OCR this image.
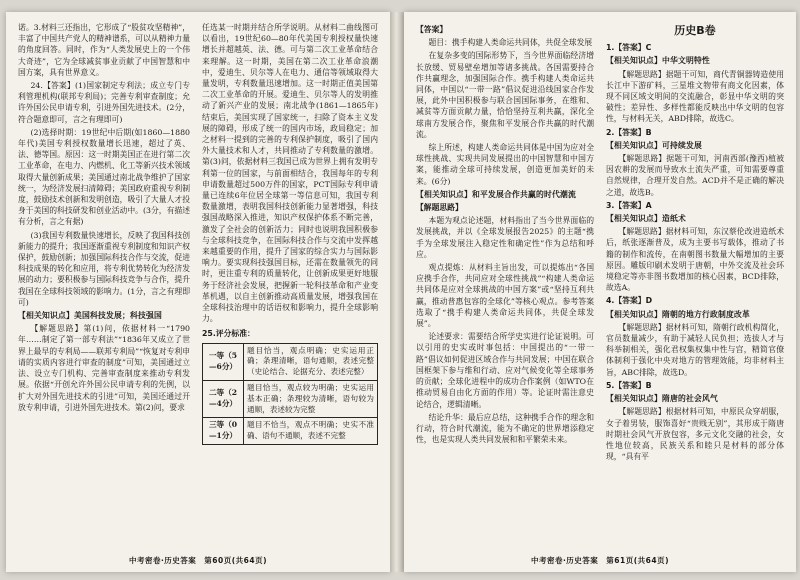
诺。3.材料三还指出，它形成了“股贫攻坚精神”，丰富了中国共产党人的精神谱系，可以从精神力量的角度回答。同时，作为“人类发展史上的一个伟大奇迹”，它为全球减贫事业贡献了中国智慧和中国方案，具有世界意义。

24.【答案】(1)国家制定专利法；成立专门专利管理机构(联邦专利局)；完善专利审查制度；允许外国公民申请专利，引进外国先进技术。(2分，符合题意即可，言之有理即可)

(2)选择时期：19世纪中后期(如1860—1880年代)美国专利授权数量增长迅速，超过了英、法、德等国。原因：这一时期美国正在进行第二次工业革命，在电力、内燃机、化工等新兴技术领域取得大量创新成果；美国通过南北战争维护了国家统一，为经济发展扫清障碍；美国政府重视专利制度，鼓励技术创新和发明创造，吸引了大量人才投身于美国的科技研发和创业活动中。(3分，有描述有分析，言之有据)

(3)我国专利数量快速增长，反映了我国科技创新能力的提升；我国逐渐重视专利制度和知识产权保护，鼓励创新；加强国际科技合作与交流，促进科技成果的转化和应用，将专利优势转化为经济发展的动力；要积极参与国际科技竞争与合作，提升我国在全球科技领域的影响力。(1分，言之有理即可)

【相关知识点】美国科技发展；科技强国

【解题思路】第(1)问，依据材料一“1790年……制定了第一部专利法”“1836年又成立了世界上最早的专利局——联邦专利局”“恢复对专利申请的实质内容进行审查的制度”可知，美国通过立法、设立专门机构、完善审查制度来推动专利发展。依据“开创允许外国公民申请专利的先例，以扩大对外国先进技术的引进”可知，美国还通过开放专利申请，引进外国先进技术。第(2)问，要求

任选某一时期并结合所学说明。从材料二曲线图可以看出，19世纪60—80年代美国专利授权量快速增长并超越英、法、德。可与第二次工业革命结合来理解。这一时期，美国在第二次工业革命浪潮中，爱迪生、贝尔等人在电力、通信等领域取得大量发明，专利数量迅速增加。这一时期正值美国第二次工业革命的开展。爱迪生、贝尔等人的发明推动了新兴产业的发展；南北战争(1861—1865年)结束后，美国实现了国家统一，扫除了资本主义发展的障碍，形成了统一的国内市场，政局稳定；加之材料一提到的完善的专利保护制度，吸引了国内外大量技术和人才，共同推动了专利数量的激增。第(3)问，依据材料三我国已成为世界上拥有发明专利第一位的国家，与前面相结合，我国每年的专利申请数量超过500万件的国家，PCT国际专利申请量已连续6年位居全球第一等信息可知，我国专利数量激增，表明我国科技创新能力显著增强，科技强国战略深入推进，知识产权保护体系不断完善，激发了全社会的创新活力；同时也说明我国积极参与全球科技竞争，在国际科技合作与交流中发挥越来越重要的作用，提升了国家的综合实力与国际影响力。要实现科技强国目标，还需在数量领先的同时，更注重专利的质量转化，让创新成果更好地服务于经济社会发展，把握新一轮科技革命和产业变革机遇，以自主创新推动高质量发展，增强我国在全球科技治理中的话语权和影响力，提升全球影响力。

25.评分标准：
一等（5—6分）	题目恰当，观点明确；史实运用正确；条理清晰，语句通顺，表述完整（史论结合、论据充分、表述完整）
二等（2—4分）	题目恰当，观点较为明确；史实运用基本正确；条理较为清晰，语句较为通顺，表述较为完整
三等（0—1分）	题目不恰当，观点不明确；史实不准确、语句不通顺，表述不完整
中考密卷·历史答案　第60页(共64页)
【答案】

题目：携手构建人类命运共同体，共促全球发展

在复杂多变的国际形势下，当今世界面临经济增长放缓、贸易壁垒增加等诸多挑战。各国需要持合作共赢理念，加强国际合作。携手构建人类命运共同体，中国以“一带一路”倡议促进沿线国家合作发展，此外中国积极参与联合国国际事务，在维和、减贫等方面贡献力量，恰恰坚持互利共赢，深化全球南方发展合作，聚焦和平发展合作共赢的时代潮流。

综上所述，构建人类命运共同体是中国为应对全球性挑战、实现共同发展提出的中国智慧和中国方案，能推动全球可持续发展，创造更加美好的未来。(6分)

【相关知识点】和平发展合作共赢的时代潮流

【解题思路】

本题为观点论述题，材料指出了当今世界面临的发展挑战，并以《全球发展报告2025》的主题“携手为全球发展注入稳定性和确定性”作为总结和呼应。

观点提炼：从材料主旨出发，可以提炼出“各国应携手合作，共同应对全球性挑战”“构建人类命运共同体是应对全球挑战的中国方案”或“坚持互利共赢，推动普惠包容的全球化”等核心观点。参考答案选取了“携手构建人类命运共同体，共促全球发展”。

论述要求：需要结合所学史实进行论证说明。可以引用的史实或时事包括：中国提出的“一带一路”倡议如何促进区域合作与共同发展；中国在联合国框架下参与维和行动、应对气候变化等全球事务的贡献；全球化进程中的成功合作案例（如WTO在推动贸易自由化方面的作用）等。论证时需注意史论结合，逻辑清晰。

结论升华：最后应总结，这种携手合作的理念和行动，符合时代潮流，能为不确定的世界增添稳定性，也是实现人类共同发展和和平繁荣未来。

历史B卷

1.【答案】C

【相关知识点】中华文明特性

【解题思路】据题干可知，商代青铜器铸造使用长江中下游矿料，三星堆文物带有商文化因素，体现不同区域文明间的交流融合，彰显中华文明的突破性；差异性、多样性都能反映出中华文明的包容性，与材料无关，ABD排除，故选C。

2.【答案】B

【相关知识点】可持续发展

【解题思路】据题干可知，河南西部(豫西)植被因农耕的发展而导致水土流失严重，可知需要尊重自然规律，合理开发自然。ACD并不是正确的解决之道，故选B。

3.【答案】A

【相关知识点】造纸术

【解题思路】据材料可知，东汉蔡伦改进造纸术后，纸张逐渐普及，成为主要书写载体，推动了书籍的制作和流传，在南朝图书数量大幅增加的主要原因。雕版印刷术发明于唐朝，中外交流及社会环境稳定等亦非图书数增加的核心因素，BCD排除，故选A。

4.【答案】D

【相关知识点】隋朝的地方行政制度改革

【解题思路】据材料可知，隋朝行政机构简化，官员数量减少，有助于减轻人民负担；选拔人才与科举制相关，强化君权集权集中性与宫，精简官僚体制利于强化中央对地方的管理效能，均非材料主旨，ABC排除，故选D。

5.【答案】B

【相关知识点】隋唐的社会风气

【解题思路】根据材料可知，中原民众穿胡服，女子着男装，服饰喜好“贵贱无别”，其形成于隋唐时期社会风气开放包容，多元文化交融的社会，女性地位较高，民族关系和睦只是材料的部分体现，“具有平

中考密卷·历史答案　第61页(共64页)
